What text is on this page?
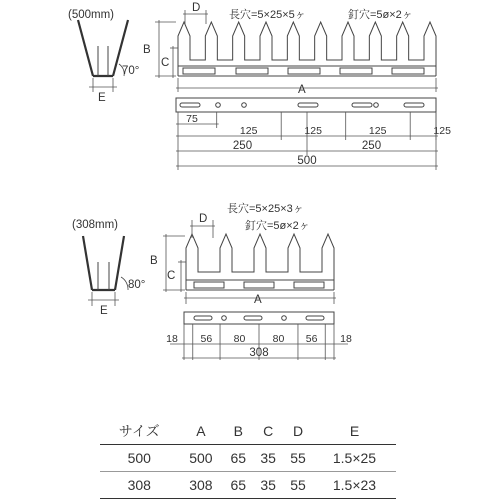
(500mm)
70°
E
長穴=5×25×5ヶ	釘穴=5ø×2ヶ
D
B
C
A
75
125	125	125	125
250	250
500
(308mm)
80°
E
長穴=5×25×3ヶ
釘穴=5ø×2ヶ
D
B
C
A
18	18
56 80	80 56
308
サイズ	A	B	C	D	E
500	500	65	35	55	1.5×25
308	308	65	35	55	1.5×23
